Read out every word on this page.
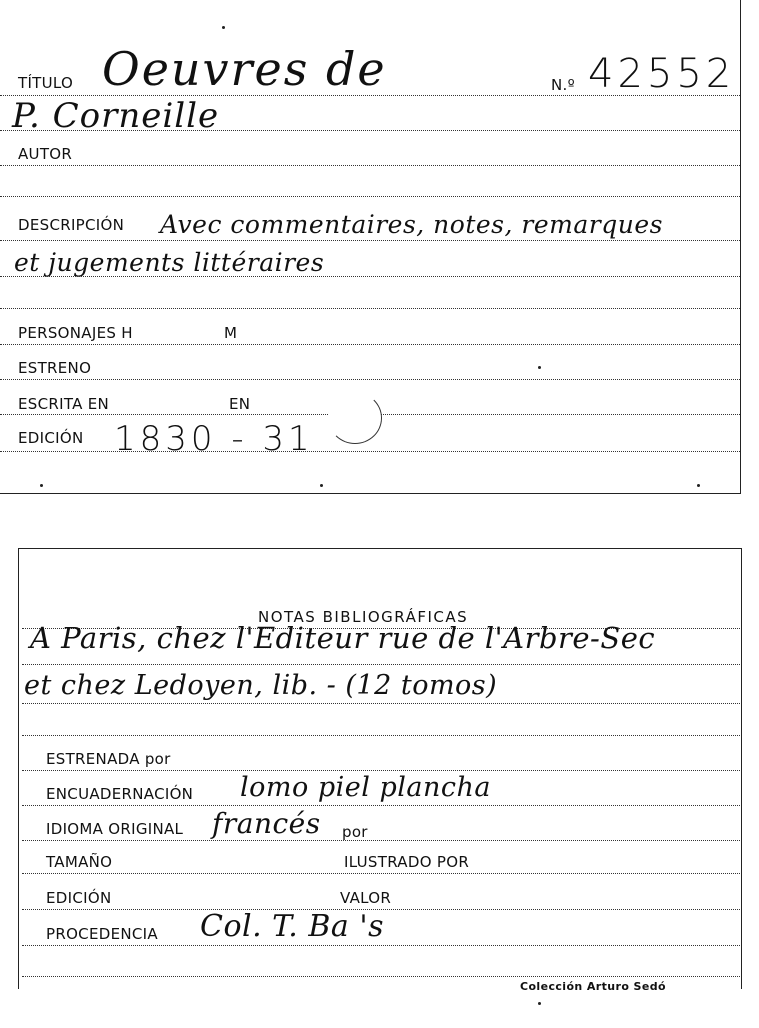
TÍTULO Oeuvres de	N.º 42552
P. Corneille
AUTOR
DESCRIPCIÓN Avec commentaires, notes, remarques
et jugements littéraires
PERSONAJES H	M
ESTRENO
ESCRITA EN	EN
EDICIÓN 1830 - 31
NOTAS BIBLIOGRÁFICAS
A Paris, chez l'Editeur rue de l'Arbre-Sec
et chez Ledoyen, lib. - (12 tomos)
ESTRENADA por
ENCUADERNACIÓN lomo piel plancha
IDIOMA ORIGINAL francés por
TAMAÑO	ILUSTRADO POR
EDICIÓN	VALOR
PROCEDENCIA Col. T. Ba 's
Colección Arturo Sedó
